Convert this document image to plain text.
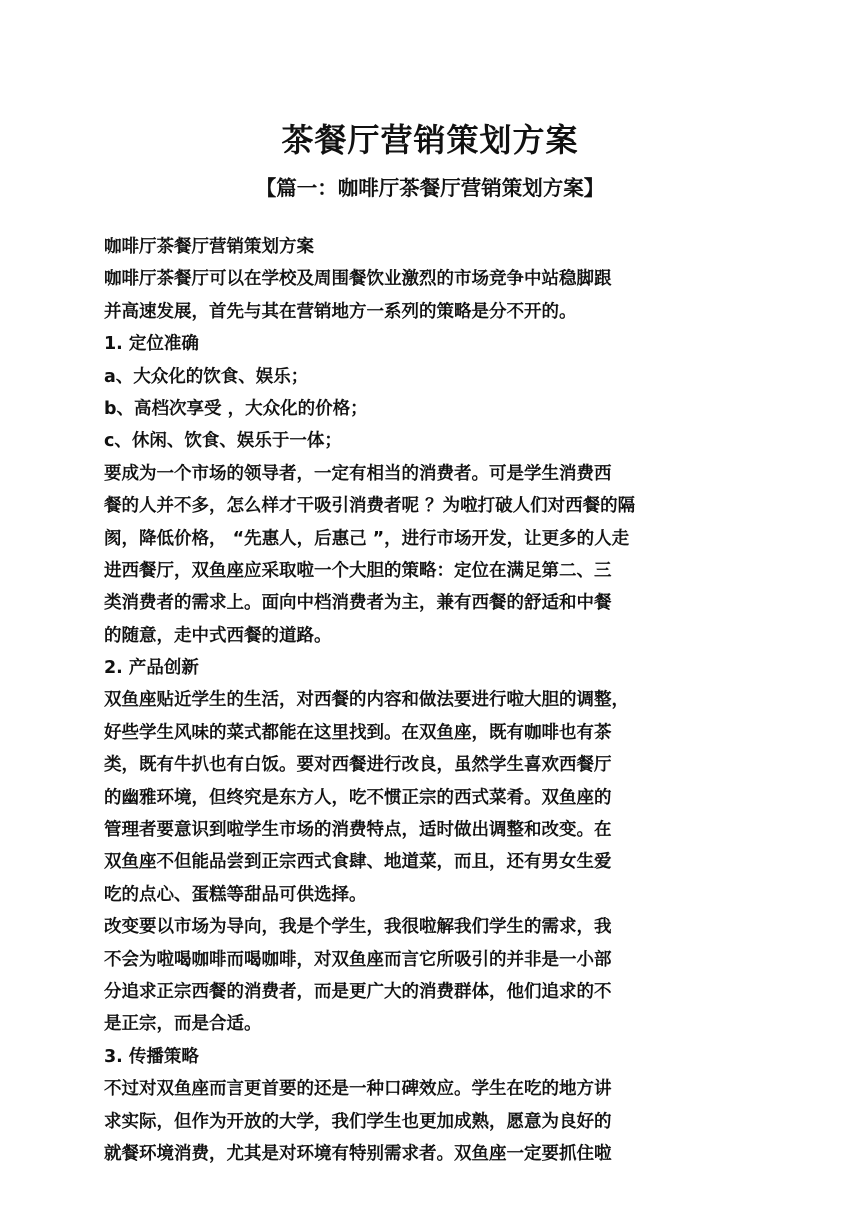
茶餐厅营销策划方案
【篇一：咖啡厅茶餐厅营销策划方案】
咖啡厅茶餐厅营销策划方案
咖啡厅茶餐厅可以在学校及周围餐饮业激烈的市场竞争中站稳脚跟
并高速发展，首先与其在营销地方一系列的策略是分不开的。
1. 定位准确
a、大众化的饮食、娱乐；
b、高档次享受 ，大众化的价格；
c、休闲、饮食、娱乐于一体；
要成为一个市场的领导者，一定有相当的消费者。可是学生消费西
餐的人并不多，怎么样才干吸引消费者呢 ？为啦打破人们对西餐的隔
阂，降低价格， “先惠人，后惠己 ”，进行市场开发，让更多的人走
进西餐厅，双鱼座应采取啦一个大胆的策略：定位在满足第二、三
类消费者的需求上。面向中档消费者为主，兼有西餐的舒适和中餐
的随意，走中式西餐的道路。
2. 产品创新
双鱼座贴近学生的生活，对西餐的内容和做法要进行啦大胆的调整，
好些学生风味的菜式都能在这里找到。在双鱼座，既有咖啡也有茶
类，既有牛扒也有白饭。要对西餐进行改良，虽然学生喜欢西餐厅
的幽雅环境，但终究是东方人，吃不惯正宗的西式菜肴。双鱼座的
管理者要意识到啦学生市场的消费特点，适时做出调整和改变。在
双鱼座不但能品尝到正宗西式食肆、地道菜，而且，还有男女生爱
吃的点心、蛋糕等甜品可供选择。
改变要以市场为导向，我是个学生，我很啦解我们学生的需求，我
不会为啦喝咖啡而喝咖啡，对双鱼座而言它所吸引的并非是一小部
分追求正宗西餐的消费者，而是更广大的消费群体，他们追求的不
是正宗，而是合适。
3. 传播策略
不过对双鱼座而言更首要的还是一种口碑效应。学生在吃的地方讲
求实际，但作为开放的大学，我们学生也更加成熟，愿意为良好的
就餐环境消费，尤其是对环境有特别需求者。双鱼座一定要抓住啦
